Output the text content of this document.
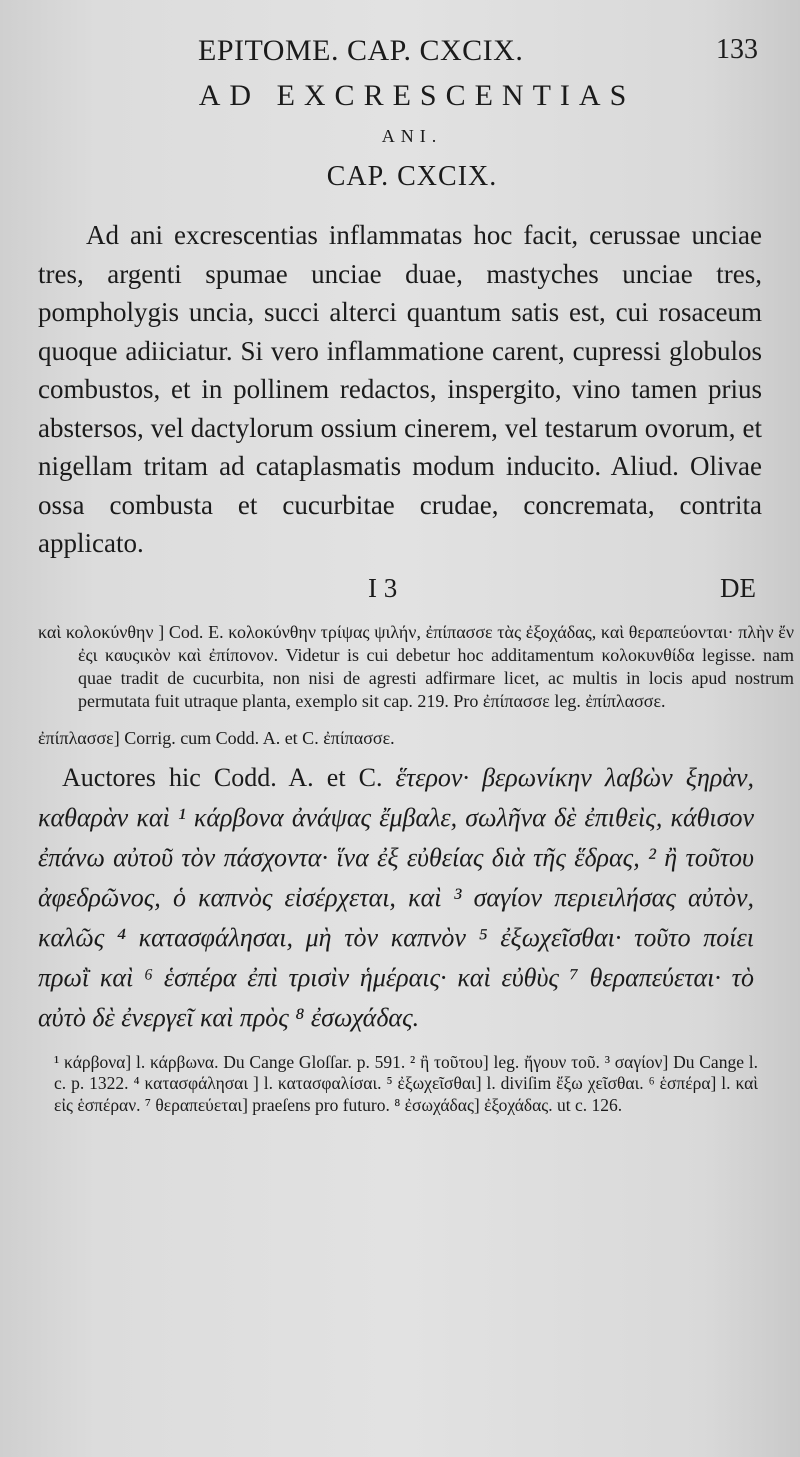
EPITOME. CAP. CXCIX.	133
AD EXCRESCENTIAS
ANI.
CAP. CXCIX.

Ad ani excrescentias inflammatas hoc facit, cerussae unciae tres, argenti spumae unciae duae, mastyches unciae tres, pompholygis uncia, succi alterci quantum satis est, cui rosaceum quoque adiiciatur. Si vero inflammatione carent, cupressi globulos combustos, et in pollinem redactos, inspergito, vino tamen prius abstersos, vel dactylorum ossium cinerem, vel testarum ovorum, et nigellam tritam ad cataplasmatis modum inducito. Aliud. Olivae ossa combusta et cucurbitae crudae, concremata, contrita applicato.

I 3	DE

καὶ κολοκύνθην ] Cod. E. κολοκύνθην τρίψας ψιλήν, ἐπίπασσε τὰς ἐξοχάδας, καὶ θεραπεύονται· πλὴν ἔν ἐςι καυςικὸν καὶ ἐπίπονον. Videtur is cui debetur hoc additamentum κολοκυνθίδα legisse. nam quae tradit de cucurbita, non nisi de agresti adfirmare licet, ac multis in locis apud nostrum permutata fuit utraque planta, exemplo sit cap. 219. Pro ἐπίπασσε leg. ἐπίπλασσε.

ἐπίπλασσε] Corrig. cum Codd. A. et C. ἐπίπασσε.

Auctores hic Codd. A. et C. ἕτερον· βερωνίκην λαβὼν ξηρὰν, καθαρὰν καὶ ¹ κάρβονα ἀνάψας ἔμβαλε, σωλῆνα δὲ ἐπιθεὶς, κάθισον ἐπάνω αὐτοῦ τὸν πάσχοντα· ἵνα ἐξ εὐθείας διὰ τῆς ἕδρας, ² ἢ τοῦτου ἀφεδρῶνος, ὁ καπνὸς εἰσέρχεται, καὶ ³ σαγίον περιειλήσας αὐτὸν, καλῶς ⁴ κατασφάλησαι, μὴ τὸν καπνὸν ⁵ ἐξωχεῖσθαι· τοῦτο ποίει πρωῒ καὶ ⁶ ἑσπέρα ἐπὶ τρισὶν ἡμέραις· καὶ εὐθὺς ⁷ θεραπεύεται· τὸ αὐτὸ δὲ ἐνεργεῖ καὶ πρὸς ⁸ ἐσωχάδας.

¹ κάρβονα] l. κάρβωνα. Du Cange Gloſſar. p. 591. ² ἢ τοῦτου] leg. ἤγουν τοῦ. ³ σαγίον] Du Cange l. c. p. 1322. ⁴ κατασφάλησαι ] l. κατασφαλίσαι. ⁵ ἐξωχεῖσθαι] l. diviſim ἔξω χεῖσθαι. ⁶ ἑσπέρα] l. καὶ εἰς ἑσπέραν. ⁷ θεραπεύεται] praeſens pro futuro. ⁸ ἐσωχάδας] ἐξοχάδας. ut c. 126.
